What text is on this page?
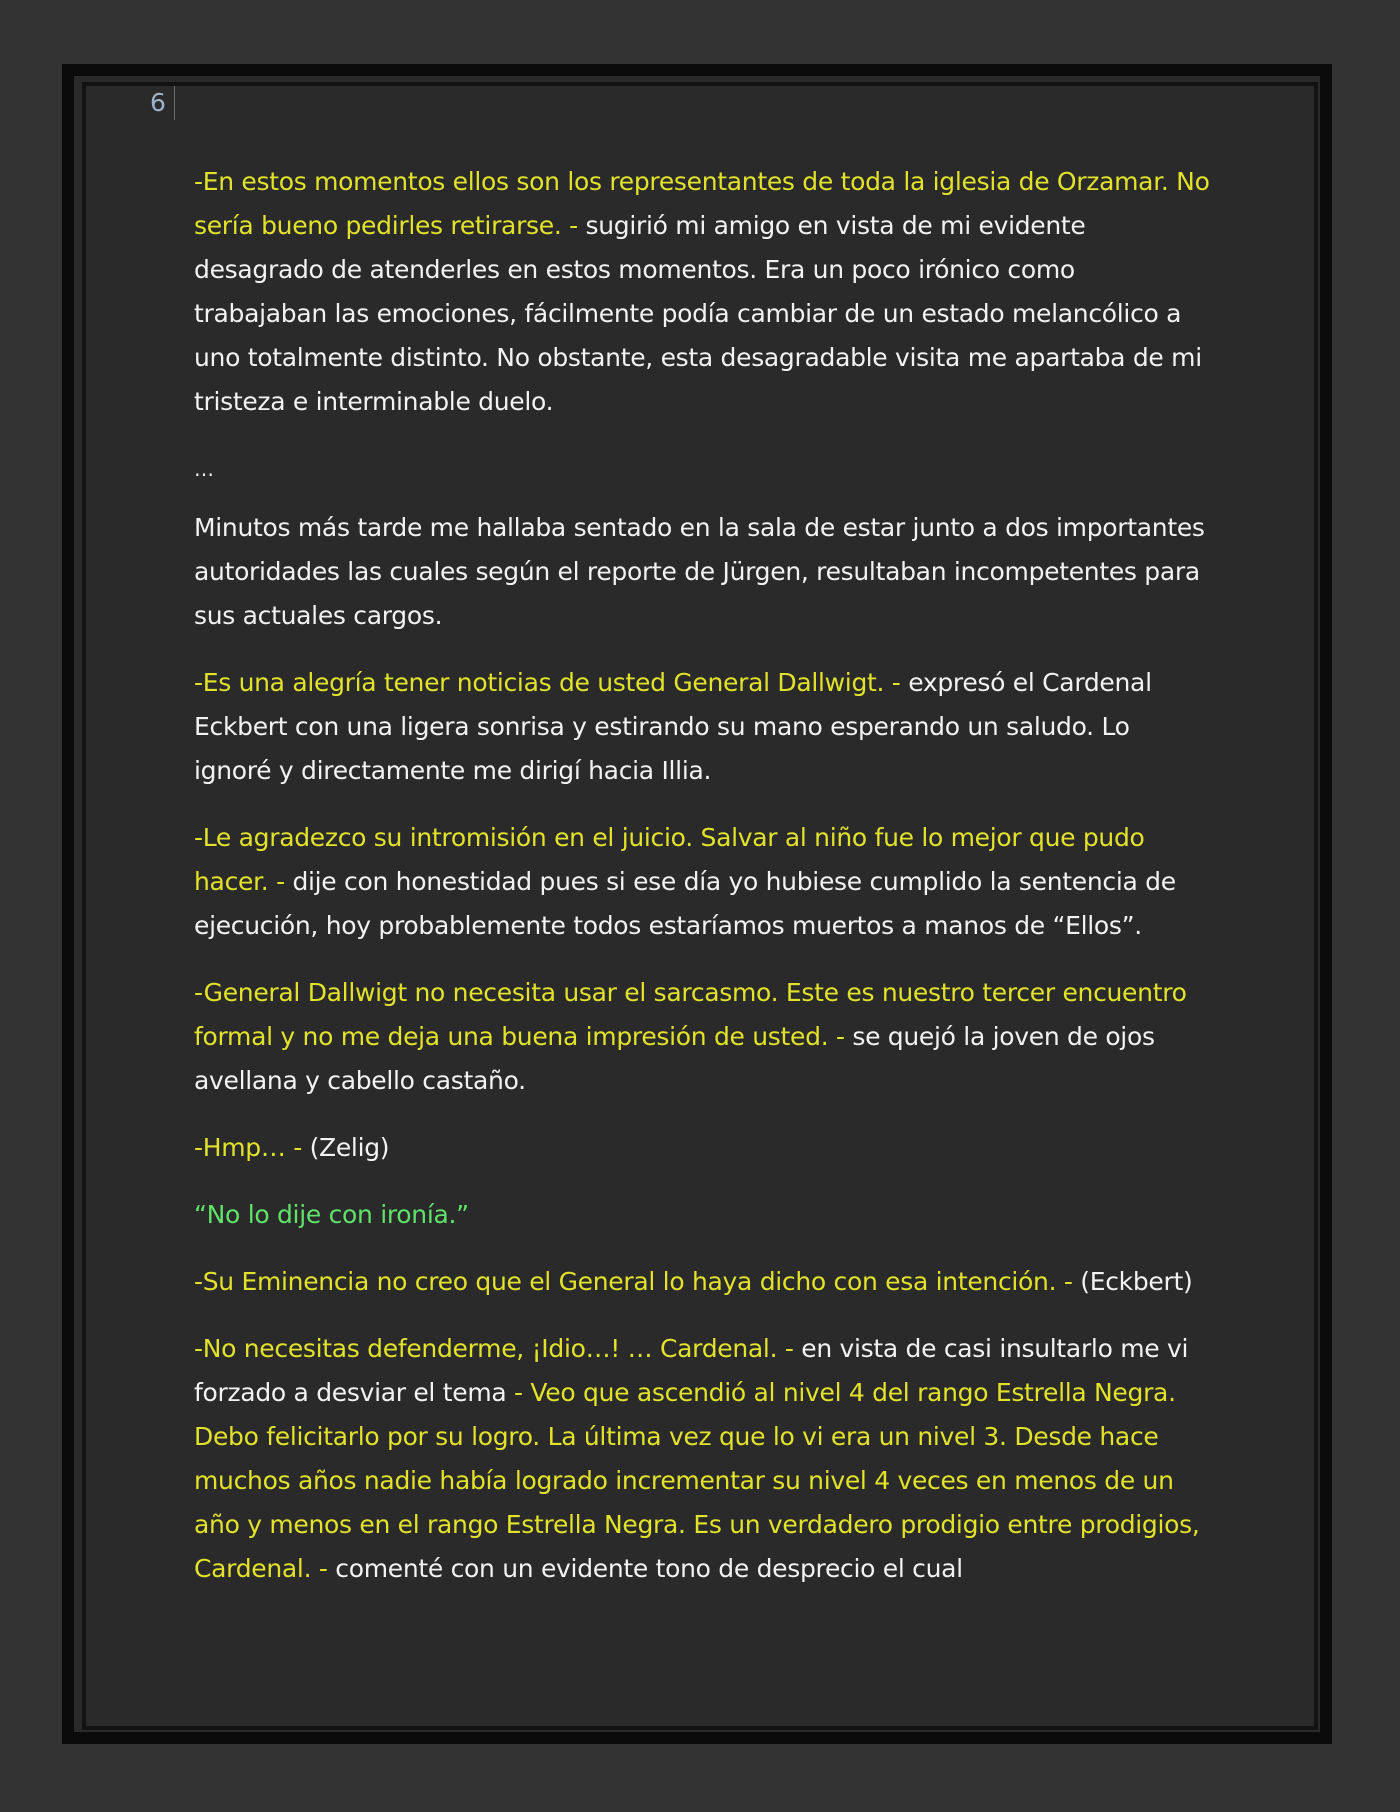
6

-En estos momentos ellos son los representantes de toda la iglesia de Orzamar. No sería bueno pedirles retirarse. - sugirió mi amigo en vista de mi evidente desagrado de atenderles en estos momentos. Era un poco irónico como trabajaban las emociones, fácilmente podía cambiar de un estado melancólico a uno totalmente distinto. No obstante, esta desagradable visita me apartaba de mi tristeza e interminable duelo.

…

Minutos más tarde me hallaba sentado en la sala de estar junto a dos importantes autoridades las cuales según el reporte de Jürgen, resultaban incompetentes para sus actuales cargos.

-Es una alegría tener noticias de usted General Dallwigt. - expresó el Cardenal Eckbert con una ligera sonrisa y estirando su mano esperando un saludo. Lo ignoré y directamente me dirigí hacia Illia.

-Le agradezco su intromisión en el juicio. Salvar al niño fue lo mejor que pudo hacer. - dije con honestidad pues si ese día yo hubiese cumplido la sentencia de ejecución, hoy probablemente todos estaríamos muertos a manos de “Ellos”.

-General Dallwigt no necesita usar el sarcasmo. Este es nuestro tercer encuentro formal y no me deja una buena impresión de usted. - se quejó la joven de ojos avellana y cabello castaño.

-Hmp… - (Zelig)

“No lo dije con ironía.”

-Su Eminencia no creo que el General lo haya dicho con esa intención. - (Eckbert)

-No necesitas defenderme, ¡Idio…! … Cardenal. - en vista de casi insultarlo me vi forzado a desviar el tema - Veo que ascendió al nivel 4 del rango Estrella Negra. Debo felicitarlo por su logro. La última vez que lo vi era un nivel 3. Desde hace muchos años nadie había logrado incrementar su nivel 4 veces en menos de un año y menos en el rango Estrella Negra. Es un verdadero prodigio entre prodigios, Cardenal. - comenté con un evidente tono de desprecio el cual
